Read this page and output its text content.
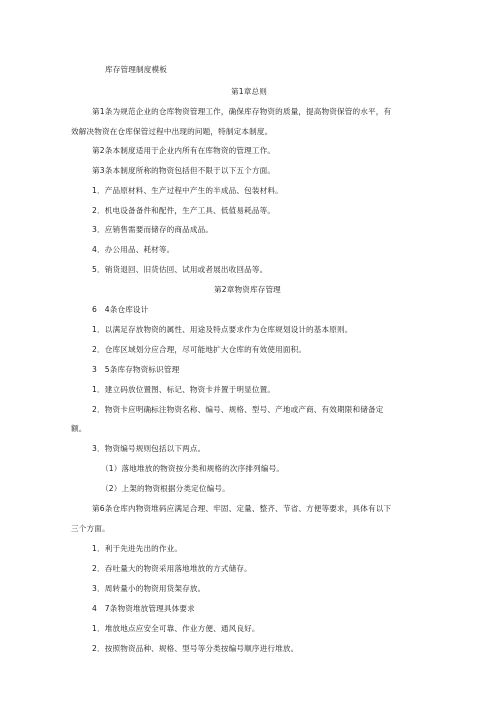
库存管理制度模板
第1章总则
第1条为规范企业的仓库物资管理工作，确保库存物资的质量，提高物资保管的水平，有
效解决物资在仓库保管过程中出现的问题，特制定本制度。
第2条本制度适用于企业内所有在库物资的管理工作。
第3条本制度所称的物资包括但不限于以下五个方面。
1．产品原材料、生产过程中产生的半成品、包装材料。
2．机电设备备件和配件，生产工具、低值易耗品等。
3．应销售需要而储存的商品成品。
4．办公用品、耗材等。
5．销货退回、旧货估回、试用或者展出收回品等。
第2章物资库存管理
6　4条仓库设计
1．以满足存放物资的属性、用途及特点要求作为仓库规划设计的基本原则。
2．仓库区域划分应合理，尽可能地扩大仓库的有效使用面积。
3　5条库存物资标识管理
1．建立码放位置图、标记、物资卡并置于明显位置。
2．物资卡应明确标注物资名称、编号、规格、型号、产地或产商、有效期限和储备定
额。
3．物资编号规则包括以下两点。
（1）落地堆放的物资按分类和规格的次序排列编号。
（2）上架的物资根据分类定位编号。
第6条仓库内物资堆码应满足合理、牢固、定量、整齐、节省、方便等要求，具体有以下
三个方面。
1．利于先进先出的作业。
2．吞吐量大的物资采用落地堆放的方式储存。
3．周转量小的物资用货架存放。
4　7条物资堆放管理具体要求
1．堆放地点应安全可靠、作业方便、通风良好。
2．按照物资品种、规格、型号等分类按编号顺序进行堆放。
